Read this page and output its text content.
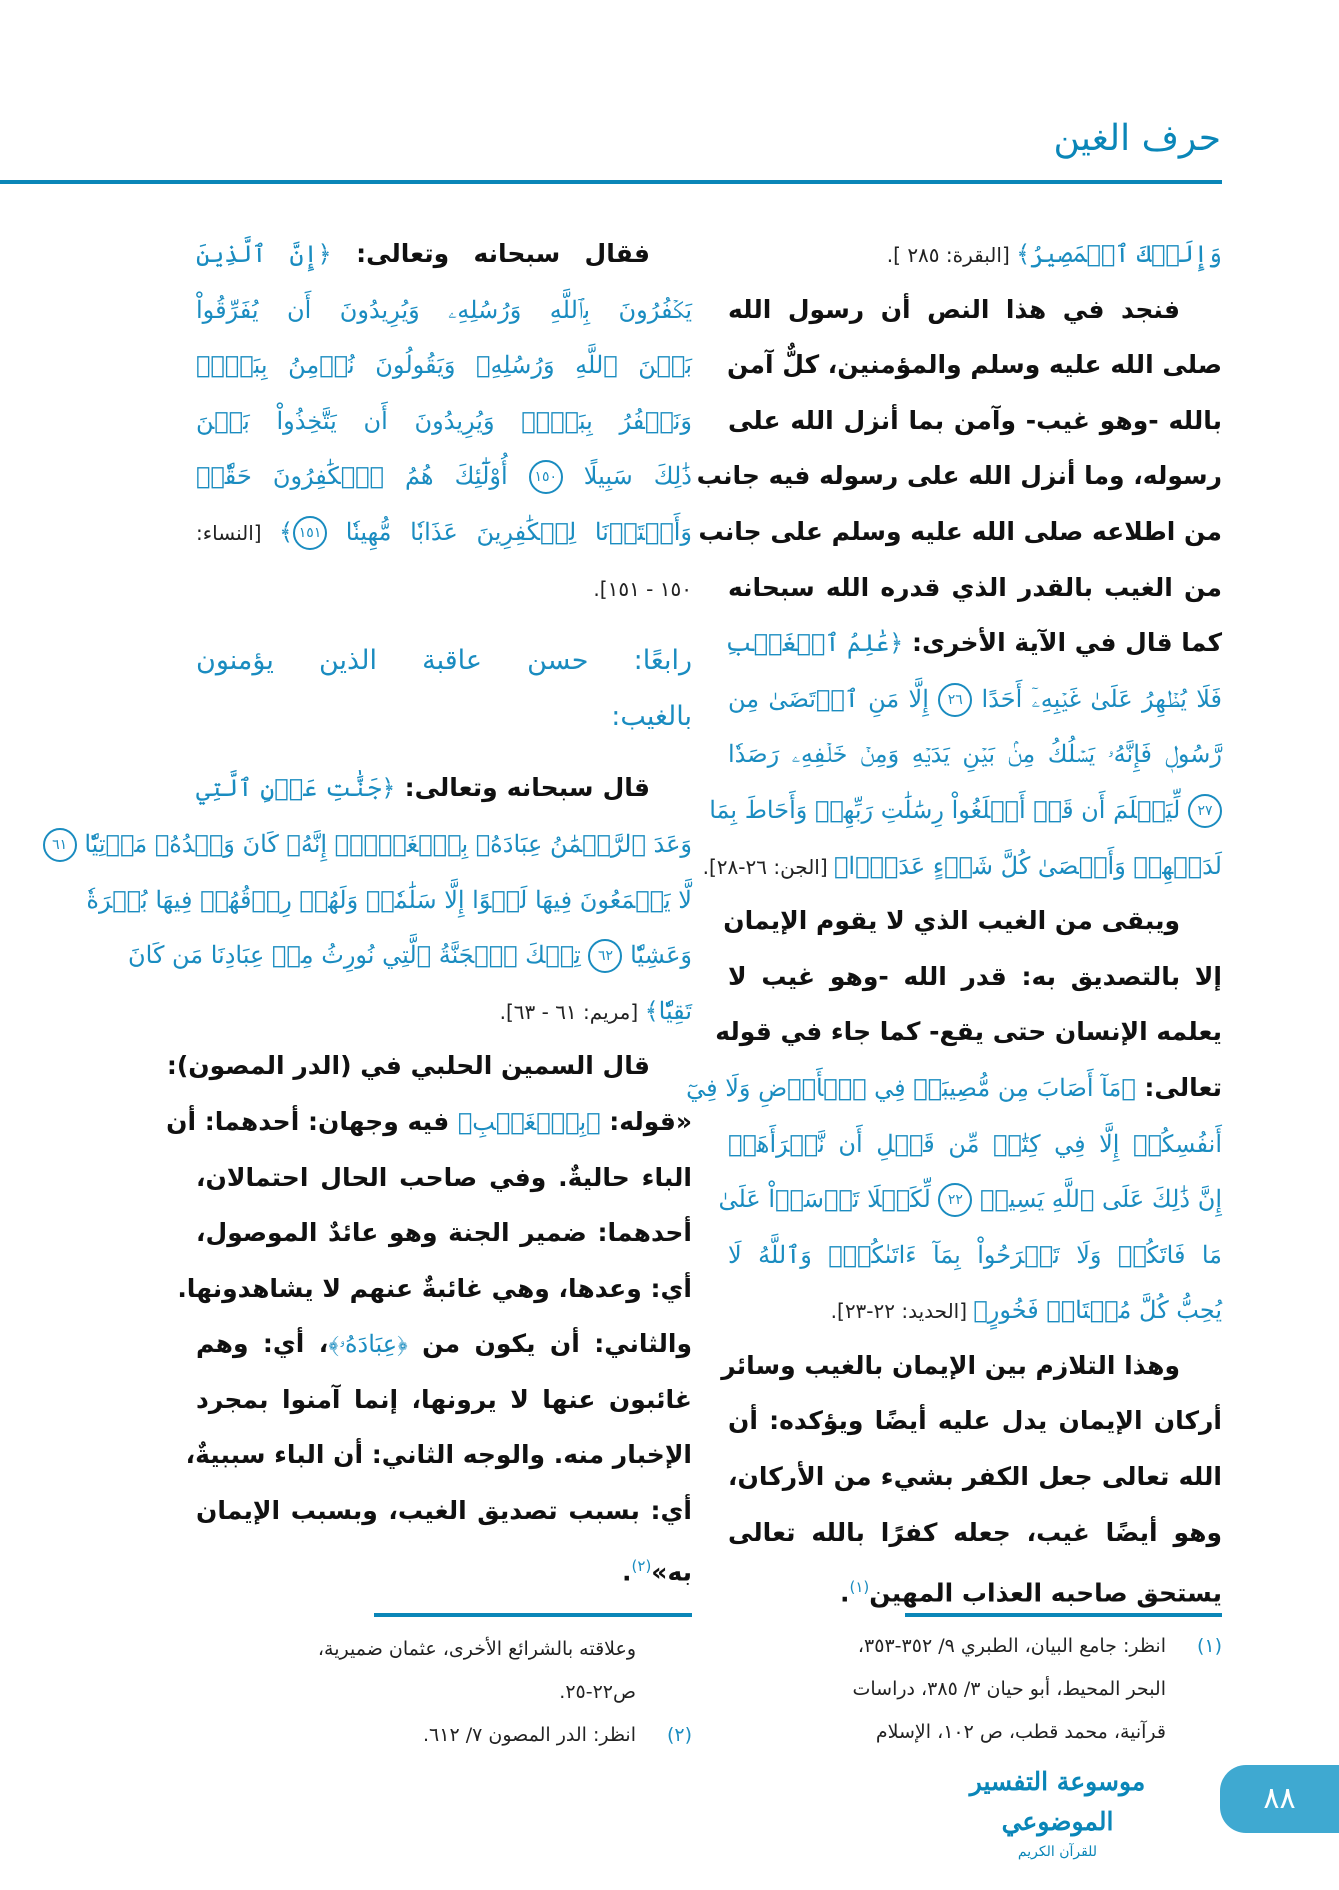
حرف الغين
وَإِلَيۡكَ ٱلۡمَصِيرُ﴾ [البقرة: ٢٨٥ ].
فنجد في هذا النص أن رسول الله
صلى الله عليه وسلم والمؤمنين، كلٌّ آمن
بالله -وهو غيب- وآمن بما أنزل الله على
رسوله، وما أنزل الله على رسوله فيه جانب
من اطلاعه صلى الله عليه وسلم على جانب
من الغيب بالقدر الذي قدره الله سبحانه
كما قال في الآية الأخرى: ﴿عَٰلِمُ ٱلۡغَيۡبِ
فَلَا يُظۡهِرُ عَلَىٰ غَيۡبِهِۦٓ أَحَدًا ٢٦ إِلَّا مَنِ ٱرۡتَضَىٰ مِن
رَّسُولٖ فَإِنَّهُۥ يَسۡلُكُ مِنۢ بَيۡنِ يَدَيۡهِ وَمِنۡ خَلۡفِهِۦ رَصَدٗا
٢٧ لِّيَعۡلَمَ أَن قَدۡ أَبۡلَغُواْ رِسَٰلَٰتِ رَبِّهِمۡ وَأَحَاطَ بِمَا
لَدَيۡهِمۡ وَأَحۡصَىٰ كُلَّ شَيۡءٍ عَدَدَۢا﴾ [الجن: ٢٦-٢٨].
ويبقى من الغيب الذي لا يقوم الإيمان
إلا بالتصديق به: قدر الله -وهو غيب لا
يعلمه الإنسان حتى يقع- كما جاء في قوله
تعالى: ﴿مَآ أَصَابَ مِن مُّصِيبَةٖ فِي ٱلۡأَرۡضِ وَلَا فِيٓ
أَنفُسِكُمۡ إِلَّا فِي كِتَٰبٖ مِّن قَبۡلِ أَن نَّبۡرَأَهَآۚ
إِنَّ ذَٰلِكَ عَلَى ٱللَّهِ يَسِيرٞ ٢٢ لِّكَيۡلَا تَأۡسَوۡاْ عَلَىٰ
مَا فَاتَكُمۡ وَلَا تَفۡرَحُواْ بِمَآ ءَاتَىٰكُمۡۗ وَٱللَّهُ لَا
يُحِبُّ كُلَّ مُخۡتَالٖ فَخُورٍ﴾ [الحديد: ٢٢-٢٣].
وهذا التلازم بين الإيمان بالغيب وسائر
أركان الإيمان يدل عليه أيضًا ويؤكده: أن
الله تعالى جعل الكفر بشيء من الأركان،
وهو أيضًا غيب، جعله كفرًا بالله تعالى
يستحق صاحبه العذاب المهين$^{(١)}$.
فقال سبحانه وتعالى: ﴿إِنَّ ٱلَّذِينَ
يَكۡفُرُونَ بِٱللَّهِ وَرُسُلِهِۦ وَيُرِيدُونَ أَن يُفَرِّقُواْ
بَيۡنَ ٱللَّهِ وَرُسُلِهِۦ وَيَقُولُونَ نُؤۡمِنُ بِبَعۡضٖ
وَنَكۡفُرُ بِبَعۡضٖ وَيُرِيدُونَ أَن يَتَّخِذُواْ بَيۡنَ
ذَٰلِكَ سَبِيلًا ١٥٠ أُوْلَٰٓئِكَ هُمُ ٱلۡكَٰفِرُونَ حَقّٗاۚ
وَأَعۡتَدۡنَا لِلۡكَٰفِرِينَ عَذَابٗا مُّهِينٗا ١٥١﴾ [النساء:
١٥٠ - ١٥١].
رابعًا: حسن عاقبة الذين يؤمنون
بالغيب:
قال سبحانه وتعالى: ﴿جَنَّٰتِ عَدۡنٍ ٱلَّتِي
وَعَدَ ٱلرَّحۡمَٰنُ عِبَادَهُۥ بِٱلۡغَيۡبِۚ إِنَّهُۥ كَانَ وَعۡدُهُۥ مَأۡتِيّٗا ٦١
لَّا يَسۡمَعُونَ فِيهَا لَغۡوًا إِلَّا سَلَٰمٗاۖ وَلَهُمۡ رِزۡقُهُمۡ فِيهَا بُكۡرَةٗ
وَعَشِيّٗا ٦٢ تِلۡكَ ٱلۡجَنَّةُ ٱلَّتِي نُورِثُ مِنۡ عِبَادِنَا مَن كَانَ
تَقِيّٗا﴾ [مريم: ٦١ - ٦٣].
قال السمين الحلبي في (الدر المصون):
«قوله: ﴿بِٱلۡغَيۡبِ﴾ فيه وجهان: أحدهما: أن
الباء حاليةٌ. وفي صاحب الحال احتمالان،
أحدهما: ضمير الجنة وهو عائدٌ الموصول،
أي: وعدها، وهي غائبةٌ عنهم لا يشاهدونها.
والثاني: أن يكون من ﴿عِبَادَهُۥ﴾، أي: وهم
غائبون عنها لا يرونها، إنما آمنوا بمجرد
الإخبار منه. والوجه الثاني: أن الباء سببيةٌ،
أي: بسبب تصديق الغيب، وبسبب الإيمان
به»$^{(٢)}$.
(١)
انظر: جامع البيان، الطبري ٩/ ٣٥٢-٣٥٣،
البحر المحيط، أبو حيان ٣/ ٣٨٥، دراسات
قرآنية، محمد قطب، ص ١٠٢، الإسلام
وعلاقته بالشرائع الأخرى، عثمان ضميرية،
ص٢٢-٢٥.
(٢)
انظر: الدر المصون ٧/ ٦١٢.
موسوعة التفسير الموضوعي
للقرآن الكريم
٨٨
